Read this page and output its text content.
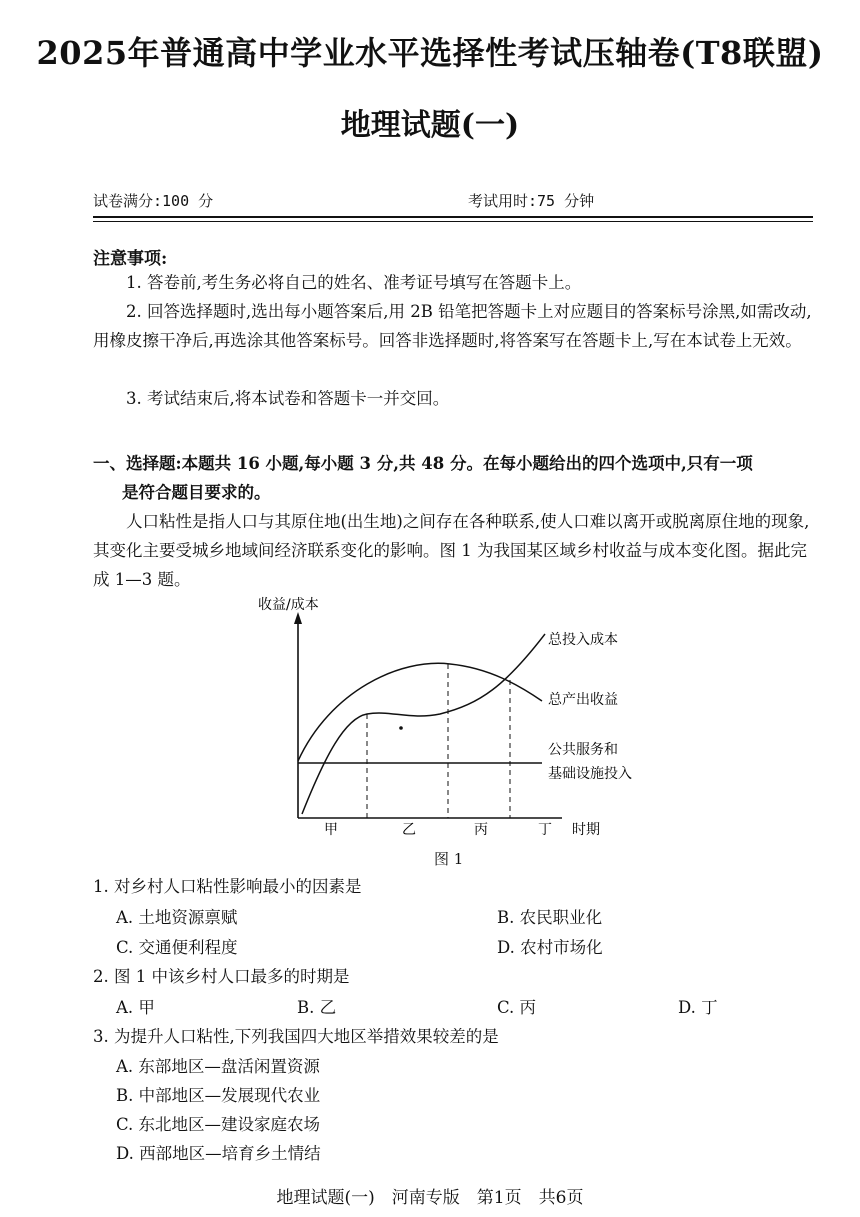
2025年普通高中学业水平选择性考试压轴卷(T8联盟)
地理试题(一)
试卷满分:100 分	考试用时:75 分钟
注意事项:
1. 答卷前,考生务必将自己的姓名、准考证号填写在答题卡上。
2. 回答选择题时,选出每小题答案后,用 2B 铅笔把答题卡上对应题目的答案标号涂黑,如需改动,用橡皮擦干净后,再选涂其他答案标号。回答非选择题时,将答案写在答题卡上,写在本试卷上无效。
3. 考试结束后,将本试卷和答题卡一并交回。
一、选择题:本题共 16 小题,每小题 3 分,共 48 分。在每小题给出的四个选项中,只有一项
是符合题目要求的。
人口粘性是指人口与其原住地(出生地)之间存在各种联系,使人口难以离开或脱离原住地的现象,其变化主要受城乡地域间经济联系变化的影响。图 1 为我国某区域乡村收益与成本变化图。据此完成 1—3 题。
收益/成本
时期
总投入成本
总产出收益
公共服务和
基础设施投入
甲	乙	丙	丁
图 1
1. 对乡村人口粘性影响最小的因素是
A. 土地资源禀赋	B. 农民职业化
C. 交通便利程度	D. 农村市场化
2. 图 1 中该乡村人口最多的时期是
A. 甲	B. 乙	C. 丙	D. 丁
3. 为提升人口粘性,下列我国四大地区举措效果较差的是
A. 东部地区—盘活闲置资源
B. 中部地区—发展现代农业
C. 东北地区—建设家庭农场
D. 西部地区—培育乡土情结
地理试题(一)　河南专版　第1页　共6页
